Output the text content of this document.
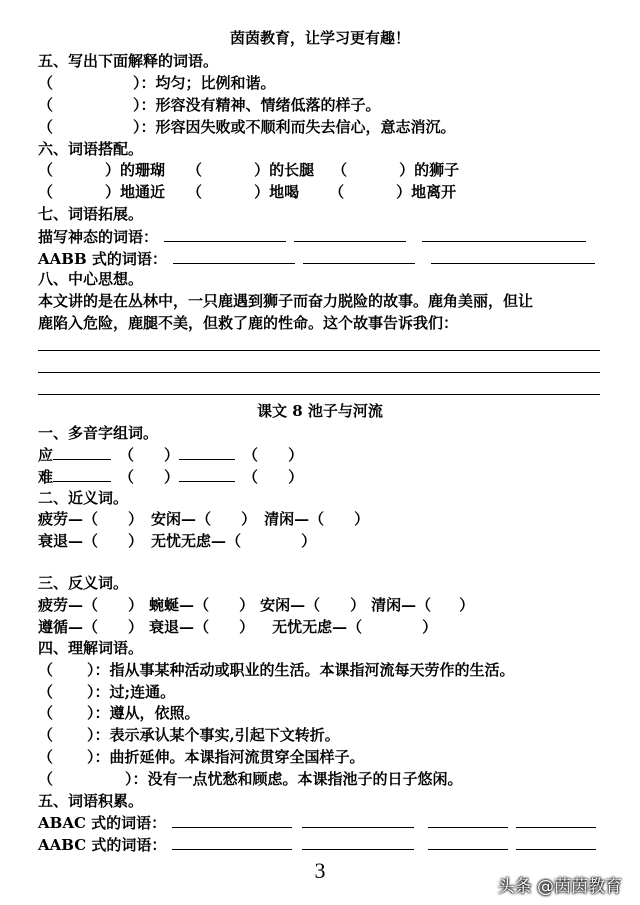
茵茵教育，让学习更有趣！
五、写出下面解释的词语。
（	）：均匀；比例和谐。
（	）：形容没有精神、情绪低落的样子。
（	）：形容因失败或不顺利而失去信心，意志消沉。
六、词语搭配。
（	）的珊瑚 （	）的长腿 （	）的狮子
（	）地通近 （	）地喝 （	）地离开
七、词语拓展。
描写神态的词语：
AABB 式的词语：
八、中心思想。
本文讲的是在丛林中，一只鹿遇到狮子而奋力脱险的故事。鹿角美丽，但让
鹿陷入危险，鹿腿不美，但救了鹿的性命。这个故事告诉我们：
课文 8 池子与河流
一、多音字组词。
应	（ ）	（ ）
难	（ ）	（ ）
二、近义词。
疲劳—（ ） 安闲—（ ） 清闲—（ ）
衰退—（ ） 无忧无虑—（	）
三、反义词。
疲劳—（ ） 蜿蜒—（ ） 安闲—（ ） 清闲—（ ）
遵循—（ ） 衰退—（ ） 无忧无虑—（	）
四、理解词语。
（ ）：指从事某种活动或职业的生活。本课指河流每天劳作的生活。
（ ）：过;连通。
（ ）：遵从，依照。
（ ）：表示承认某个事实,引起下文转折。
（ ）：曲折延伸。本课指河流贯穿全国样子。
（	）：没有一点忧愁和顾虑。本课指池子的日子悠闲。
五、词语积累。
ABAC 式的词语：
AABC 式的词语：
3
头条 @茵茵教育
